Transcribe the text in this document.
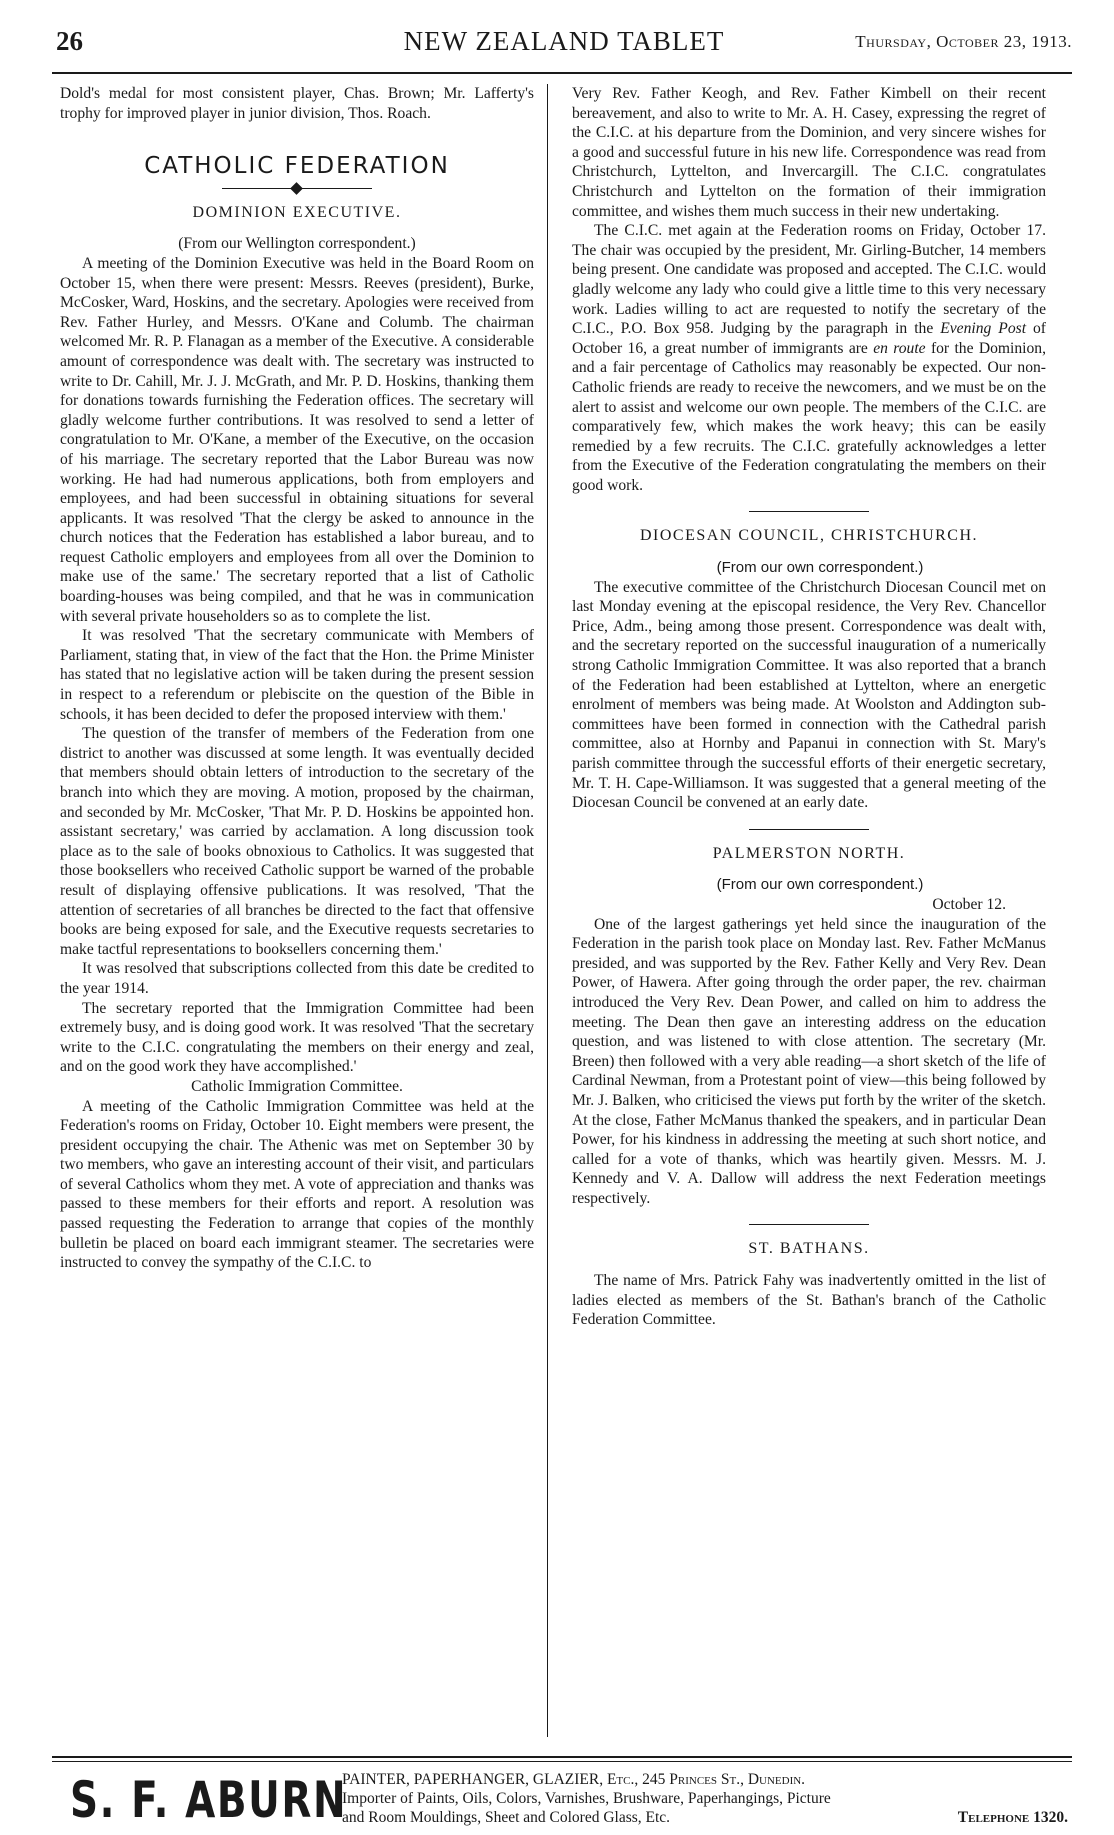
26	NEW ZEALAND TABLET	Thursday, October 23, 1913.

Dold's medal for most consistent player, Chas. Brown; Mr. Lafferty's trophy for improved player in junior division, Thos. Roach.

CATHOLIC FEDERATION
DOMINION EXECUTIVE.

(From our Wellington correspondent.)

A meeting of the Dominion Executive was held in the Board Room on October 15, when there were present: Messrs. Reeves (president), Burke, McCosker, Ward, Hoskins, and the secretary. Apologies were received from Rev. Father Hurley, and Messrs. O'Kane and Columb. The chairman welcomed Mr. R. P. Flanagan as a member of the Executive. A considerable amount of correspondence was dealt with. The secretary was instructed to write to Dr. Cahill, Mr. J. J. McGrath, and Mr. P. D. Hoskins, thanking them for donations towards furnishing the Federation offices. The secretary will gladly welcome further contributions. It was resolved to send a letter of congratulation to Mr. O'Kane, a member of the Executive, on the occasion of his marriage. The secretary reported that the Labor Bureau was now working. He had had numerous applications, both from employers and employees, and had been successful in obtaining situations for several applicants. It was resolved 'That the clergy be asked to announce in the church notices that the Federation has established a labor bureau, and to request Catholic employers and employees from all over the Dominion to make use of the same.' The secretary reported that a list of Catholic boarding-houses was being compiled, and that he was in communication with several private householders so as to complete the list.

It was resolved 'That the secretary communicate with Members of Parliament, stating that, in view of the fact that the Hon. the Prime Minister has stated that no legislative action will be taken during the present session in respect to a referendum or plebiscite on the question of the Bible in schools, it has been decided to defer the proposed interview with them.'

The question of the transfer of members of the Federation from one district to another was discussed at some length. It was eventually decided that members should obtain letters of introduction to the secretary of the branch into which they are moving. A motion, proposed by the chairman, and seconded by Mr. McCosker, 'That Mr. P. D. Hoskins be appointed hon. assistant secretary,' was carried by acclamation. A long discussion took place as to the sale of books obnoxious to Catholics. It was suggested that those booksellers who received Catholic support be warned of the probable result of displaying offensive publications. It was resolved, 'That the attention of secretaries of all branches be directed to the fact that offensive books are being exposed for sale, and the Executive requests secretaries to make tactful representations to booksellers concerning them.'

It was resolved that subscriptions collected from this date be credited to the year 1914.

The secretary reported that the Immigration Committee had been extremely busy, and is doing good work. It was resolved 'That the secretary write to the C.I.C. congratulating the members on their energy and zeal, and on the good work they have accomplished.'

Catholic Immigration Committee.

A meeting of the Catholic Immigration Committee was held at the Federation's rooms on Friday, October 10. Eight members were present, the president occupying the chair. The Athenic was met on September 30 by two members, who gave an interesting account of their visit, and particulars of several Catholics whom they met. A vote of appreciation and thanks was passed to these members for their efforts and report. A resolution was passed requesting the Federation to arrange that copies of the monthly bulletin be placed on board each immigrant steamer. The secretaries were instructed to convey the sympathy of the C.I.C. to

Very Rev. Father Keogh, and Rev. Father Kimbell on their recent bereavement, and also to write to Mr. A. H. Casey, expressing the regret of the C.I.C. at his departure from the Dominion, and very sincere wishes for a good and successful future in his new life. Correspondence was read from Christchurch, Lyttelton, and Invercargill. The C.I.C. congratulates Christchurch and Lyttelton on the formation of their immigration committee, and wishes them much success in their new undertaking.

The C.I.C. met again at the Federation rooms on Friday, October 17. The chair was occupied by the president, Mr. Girling-Butcher, 14 members being present. One candidate was proposed and accepted. The C.I.C. would gladly welcome any lady who could give a little time to this very necessary work. Ladies willing to act are requested to notify the secretary of the C.I.C., P.O. Box 958. Judging by the paragraph in the Evening Post of October 16, a great number of immigrants are en route for the Dominion, and a fair percentage of Catholics may reasonably be expected. Our non-Catholic friends are ready to receive the newcomers, and we must be on the alert to assist and welcome our own people. The members of the C.I.C. are comparatively few, which makes the work heavy; this can be easily remedied by a few recruits. The C.I.C. gratefully acknowledges a letter from the Executive of the Federation congratulating the members on their good work.

DIOCESAN COUNCIL, CHRISTCHURCH.

(From our own correspondent.)

The executive committee of the Christchurch Diocesan Council met on last Monday evening at the episcopal residence, the Very Rev. Chancellor Price, Adm., being among those present. Correspondence was dealt with, and the secretary reported on the successful inauguration of a numerically strong Catholic Immigration Committee. It was also reported that a branch of the Federation had been established at Lyttelton, where an energetic enrolment of members was being made. At Woolston and Addington sub-committees have been formed in connection with the Cathedral parish committee, also at Hornby and Papanui in connection with St. Mary's parish committee through the successful efforts of their energetic secretary, Mr. T. H. Cape-Williamson. It was suggested that a general meeting of the Diocesan Council be convened at an early date.

PALMERSTON NORTH.

(From our own correspondent.)

October 12.

One of the largest gatherings yet held since the inauguration of the Federation in the parish took place on Monday last. Rev. Father McManus presided, and was supported by the Rev. Father Kelly and Very Rev. Dean Power, of Hawera. After going through the order paper, the rev. chairman introduced the Very Rev. Dean Power, and called on him to address the meeting. The Dean then gave an interesting address on the education question, and was listened to with close attention. The secretary (Mr. Breen) then followed with a very able reading—a short sketch of the life of Cardinal Newman, from a Protestant point of view—this being followed by Mr. J. Balken, who criticised the views put forth by the writer of the sketch. At the close, Father McManus thanked the speakers, and in particular Dean Power, for his kindness in addressing the meeting at such short notice, and called for a vote of thanks, which was heartily given. Messrs. M. J. Kennedy and V. A. Dallow will address the next Federation meetings respectively.

ST. BATHANS.

The name of Mrs. Patrick Fahy was inadvertently omitted in the list of ladies elected as members of the St. Bathan's branch of the Catholic Federation Committee.

S. F. ABURN
PAINTER, PAPERHANGER, GLAZIER, Etc., 245 Princes St., Dunedin.
Importer of Paints, Oils, Colors, Varnishes, Brushware, Paperhangings, Picture
and Room Mouldings, Sheet and Colored Glass, Etc.	Telephone 1320.
